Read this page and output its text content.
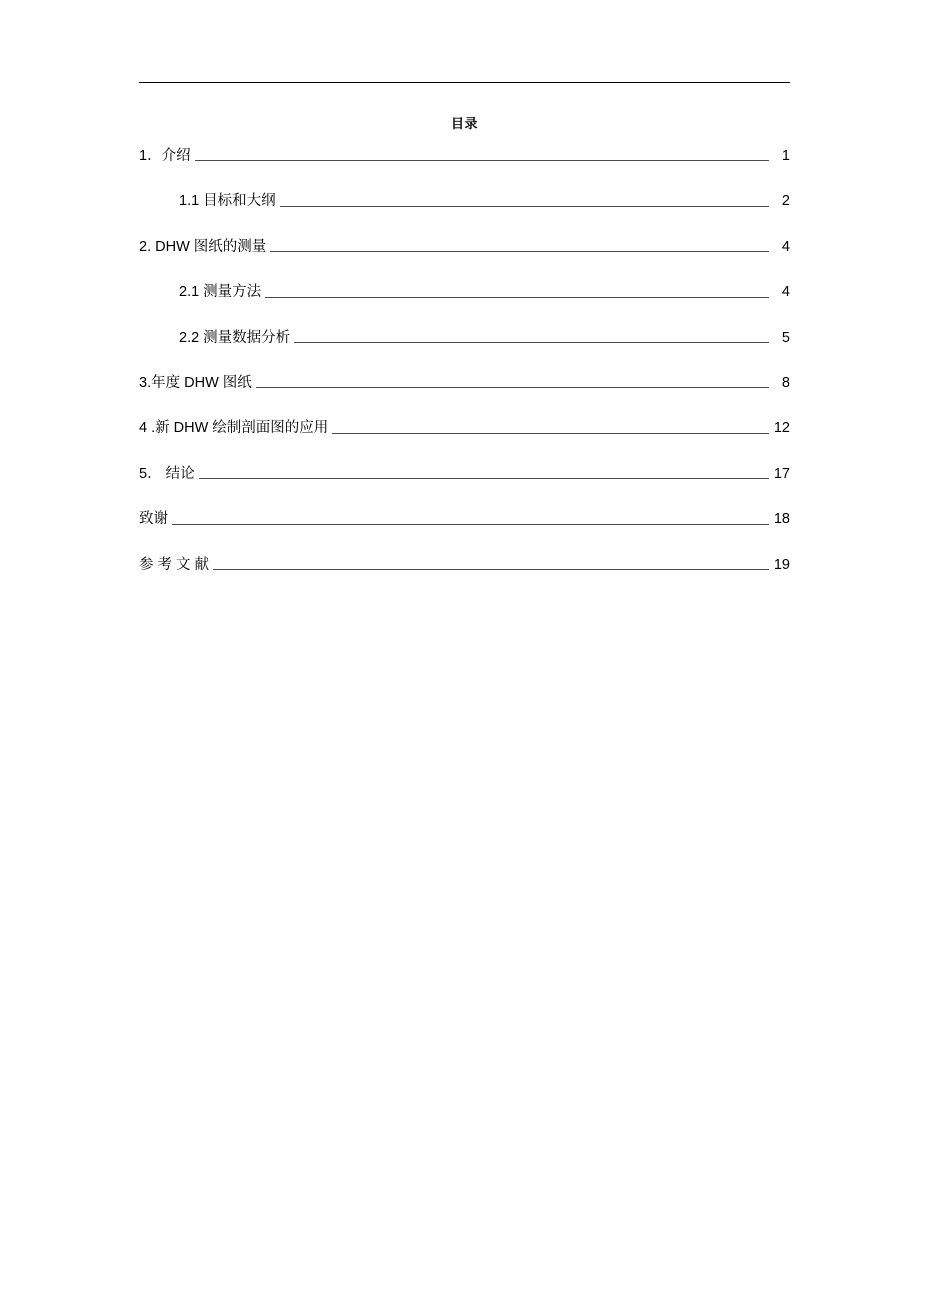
目录
1．介绍	1
1.1 目标和大纲	2
2. DHW 图纸的测量	4
2.1 测量方法	4
2.2 测量数据分析	5
3.年度 DHW 图纸	8
4 .新 DHW 绘制剖面图的应用	12
5． 结论	17
致谢	18
参 考 文 献	19
